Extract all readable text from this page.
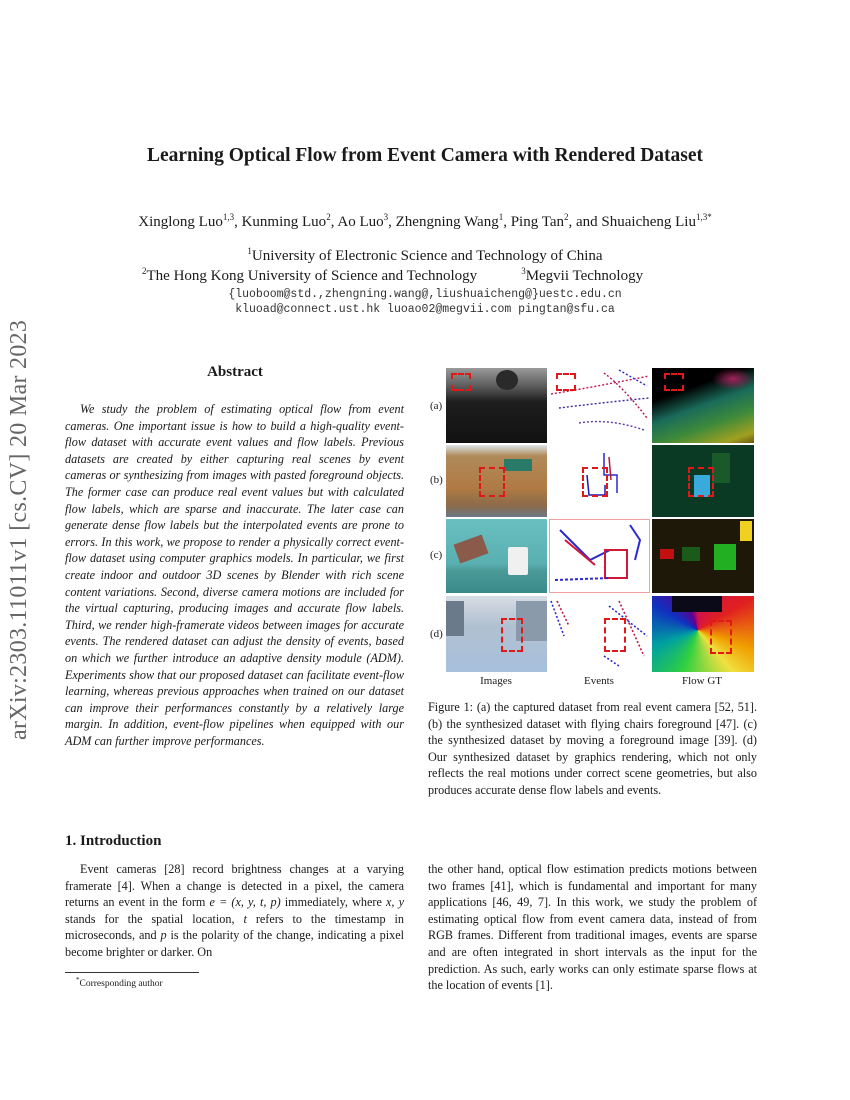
arXiv:2303.11011v1 [cs.CV] 20 Mar 2023
Learning Optical Flow from Event Camera with Rendered Dataset
Xinglong Luo$^{1,3}$, Kunming Luo$^2$, Ao Luo$^3$, Zhengning Wang$^1$, Ping Tan$^2$, and Shuaicheng Liu$^{1,3*}$
$^1$University of Electronic Science and Technology of China
$^2$The Hong Kong University of Science and Technology	$^3$Megvii Technology
{luoboom@std.,zhengning.wang@,liushuaicheng@}uestc.edu.cn
kluoad@connect.ust.hk luoao02@megvii.com pingtan@sfu.ca
Abstract

We study the problem of estimating optical flow from event cameras. One important issue is how to build a high-quality event-flow dataset with accurate event values and flow labels. Previous datasets are created by either capturing real scenes by event cameras or synthesizing from images with pasted foreground objects. The former case can produce real event values but with calculated flow labels, which are sparse and inaccurate. The later case can generate dense flow labels but the interpolated events are prone to errors. In this work, we propose to render a physically correct event-flow dataset using computer graphics models. In particular, we first create indoor and outdoor 3D scenes by Blender with rich scene content variations. Second, diverse camera motions are included for the virtual capturing, producing images and accurate flow labels. Third, we render high-framerate videos between images for accurate events. The rendered dataset can adjust the density of events, based on which we further introduce an adaptive density module (ADM). Experiments show that our proposed dataset can facilitate event-flow learning, whereas previous approaches when trained on our dataset can improve their performances constantly by a relatively large margin. In addition, event-flow pipelines when equipped with our ADM can further improve performances.

1. Introduction

Event cameras [28] record brightness changes at a varying framerate [4]. When a change is detected in a pixel, the camera returns an event in the form e = (x, y, t, p) immediately, where x, y stands for the spatial location, t refers to the timestamp in microseconds, and p is the polarity of the change, indicating a pixel become brighter or darker. On

*Corresponding author
(a)
(b)
(c)
(d)
Images	Events	Flow GT
Figure 1: (a) the captured dataset from real event camera [52, 51]. (b) the synthesized dataset with flying chairs foreground [47]. (c) the synthesized dataset by moving a foreground image [39]. (d) Our synthesized dataset by graphics rendering, which not only reflects the real motions under correct scene geometries, but also produces accurate dense flow labels and events.

the other hand, optical flow estimation predicts motions between two frames [41], which is fundamental and important for many applications [46, 49, 7]. In this work, we study the problem of estimating optical flow from event camera data, instead of from RGB frames. Different from traditional images, events are sparse and are often integrated in short intervals as the input for the prediction. As such, early works can only estimate sparse flows at the location of events [1].
